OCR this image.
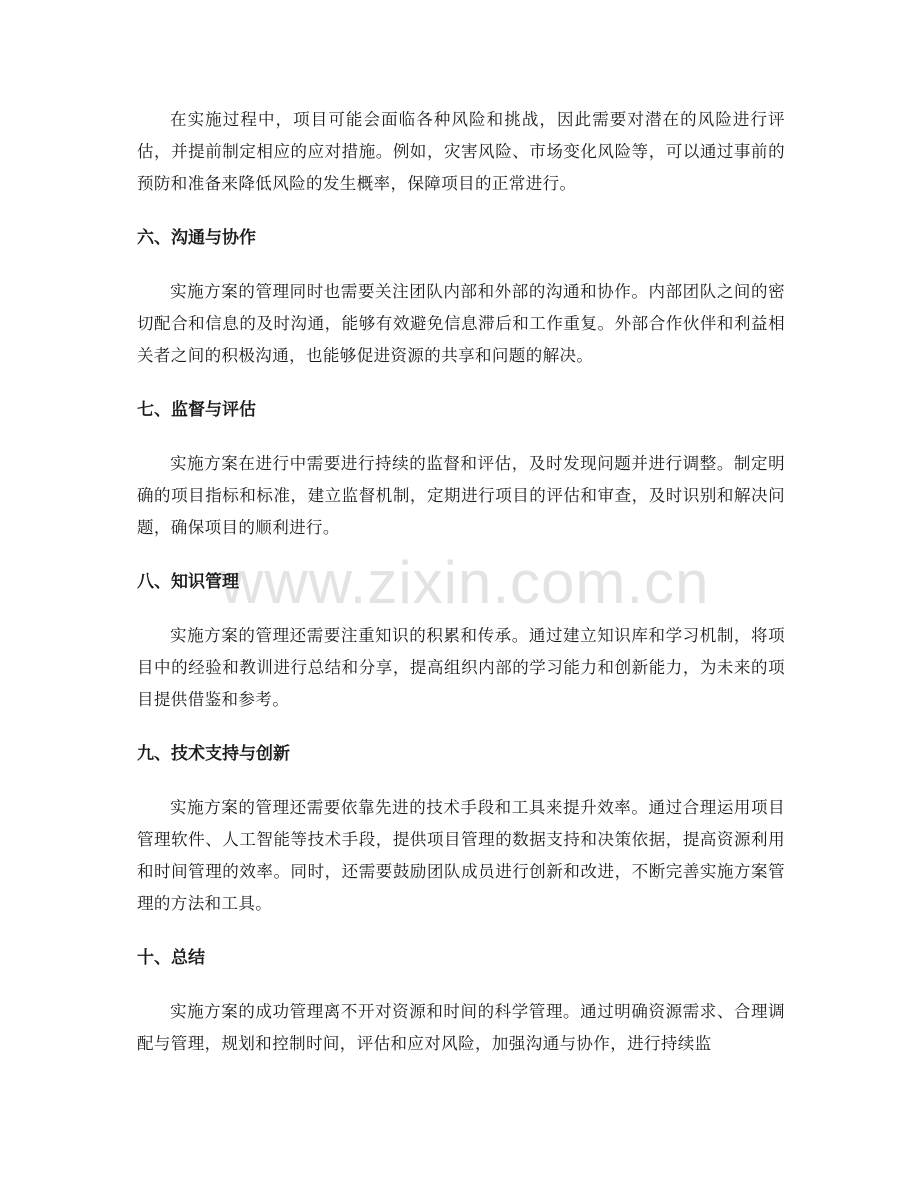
www.zixin.com.cn

在实施过程中，项目可能会面临各种风险和挑战，因此需要对潜在的风险进行评估，并提前制定相应的应对措施。例如，灾害风险、市场变化风险等，可以通过事前的预防和准备来降低风险的发生概率，保障项目的正常进行。

六、沟通与协作

实施方案的管理同时也需要关注团队内部和外部的沟通和协作。内部团队之间的密切配合和信息的及时沟通，能够有效避免信息滞后和工作重复。外部合作伙伴和利益相关者之间的积极沟通，也能够促进资源的共享和问题的解决。

七、监督与评估

实施方案在进行中需要进行持续的监督和评估，及时发现问题并进行调整。制定明确的项目指标和标准，建立监督机制，定期进行项目的评估和审查，及时识别和解决问题，确保项目的顺利进行。

八、知识管理

实施方案的管理还需要注重知识的积累和传承。通过建立知识库和学习机制，将项目中的经验和教训进行总结和分享，提高组织内部的学习能力和创新能力，为未来的项目提供借鉴和参考。

九、技术支持与创新

实施方案的管理还需要依靠先进的技术手段和工具来提升效率。通过合理运用项目管理软件、人工智能等技术手段，提供项目管理的数据支持和决策依据，提高资源利用和时间管理的效率。同时，还需要鼓励团队成员进行创新和改进，不断完善实施方案管理的方法和工具。

十、总结

实施方案的成功管理离不开对资源和时间的科学管理。通过明确资源需求、合理调配与管理，规划和控制时间，评估和应对风险，加强沟通与协作，进行持续监
